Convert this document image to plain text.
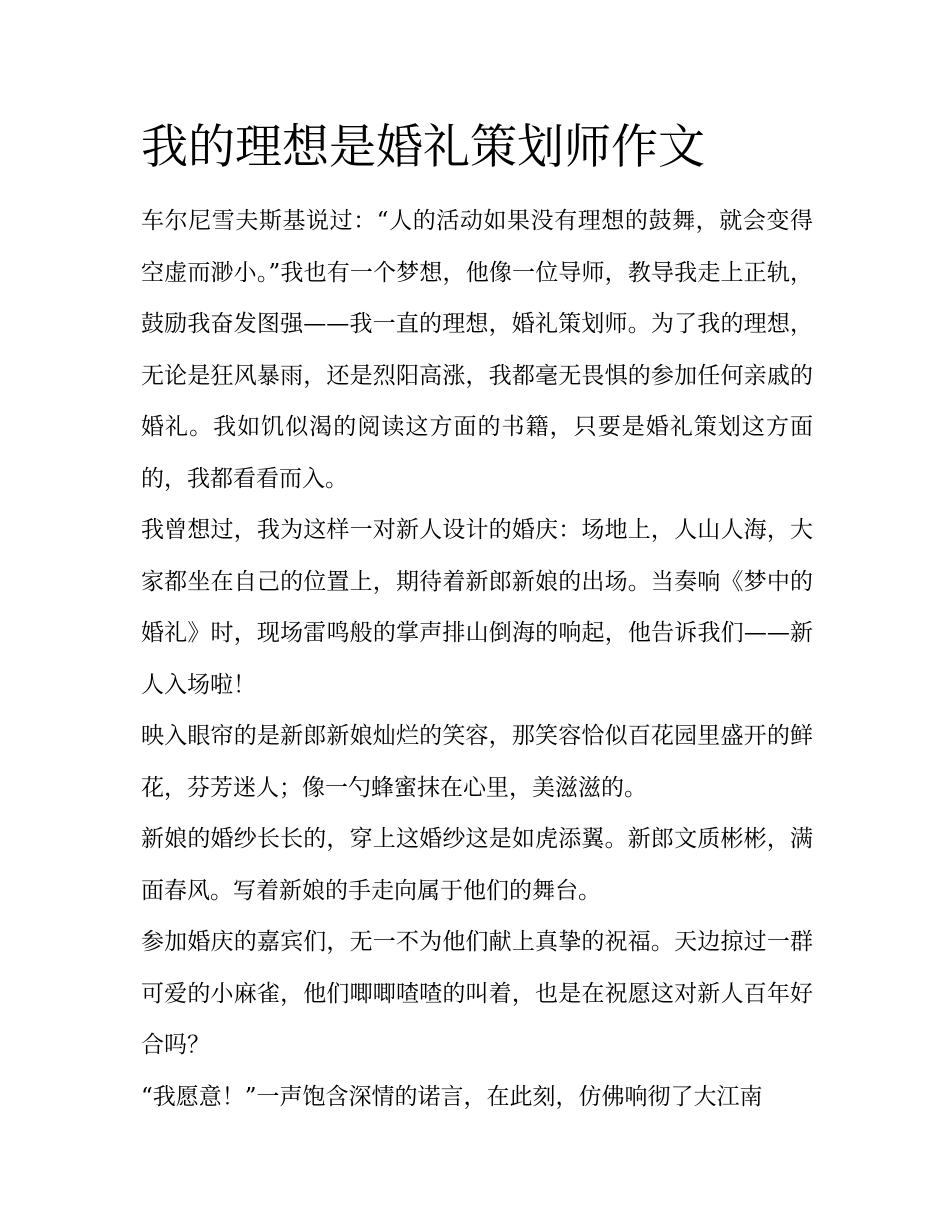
我的理想是婚礼策划师作文

车尔尼雪夫斯基说过：“人的活动如果没有理想的鼓舞，就会变得空虚而渺小。”我也有一个梦想，他像一位导师，教导我走上正轨，鼓励我奋发图强——我一直的理想，婚礼策划师。为了我的理想，无论是狂风暴雨，还是烈阳高涨，我都毫无畏惧的参加任何亲戚的婚礼。我如饥似渴的阅读这方面的书籍，只要是婚礼策划这方面的，我都看看而入。

我曾想过，我为这样一对新人设计的婚庆：场地上，人山人海，大家都坐在自己的位置上，期待着新郎新娘的出场。当奏响《梦中的婚礼》时，现场雷鸣般的掌声排山倒海的响起，他告诉我们——新人入场啦！

映入眼帘的是新郎新娘灿烂的笑容，那笑容恰似百花园里盛开的鲜花，芬芳迷人；像一勺蜂蜜抹在心里，美滋滋的。

新娘的婚纱长长的，穿上这婚纱这是如虎添翼。新郎文质彬彬，满面春风。写着新娘的手走向属于他们的舞台。

参加婚庆的嘉宾们，无一不为他们献上真挚的祝福。天边掠过一群可爱的小麻雀，他们唧唧喳喳的叫着，也是在祝愿这对新人百年好合吗？

“我愿意！”一声饱含深情的诺言，在此刻，仿佛响彻了大江南
